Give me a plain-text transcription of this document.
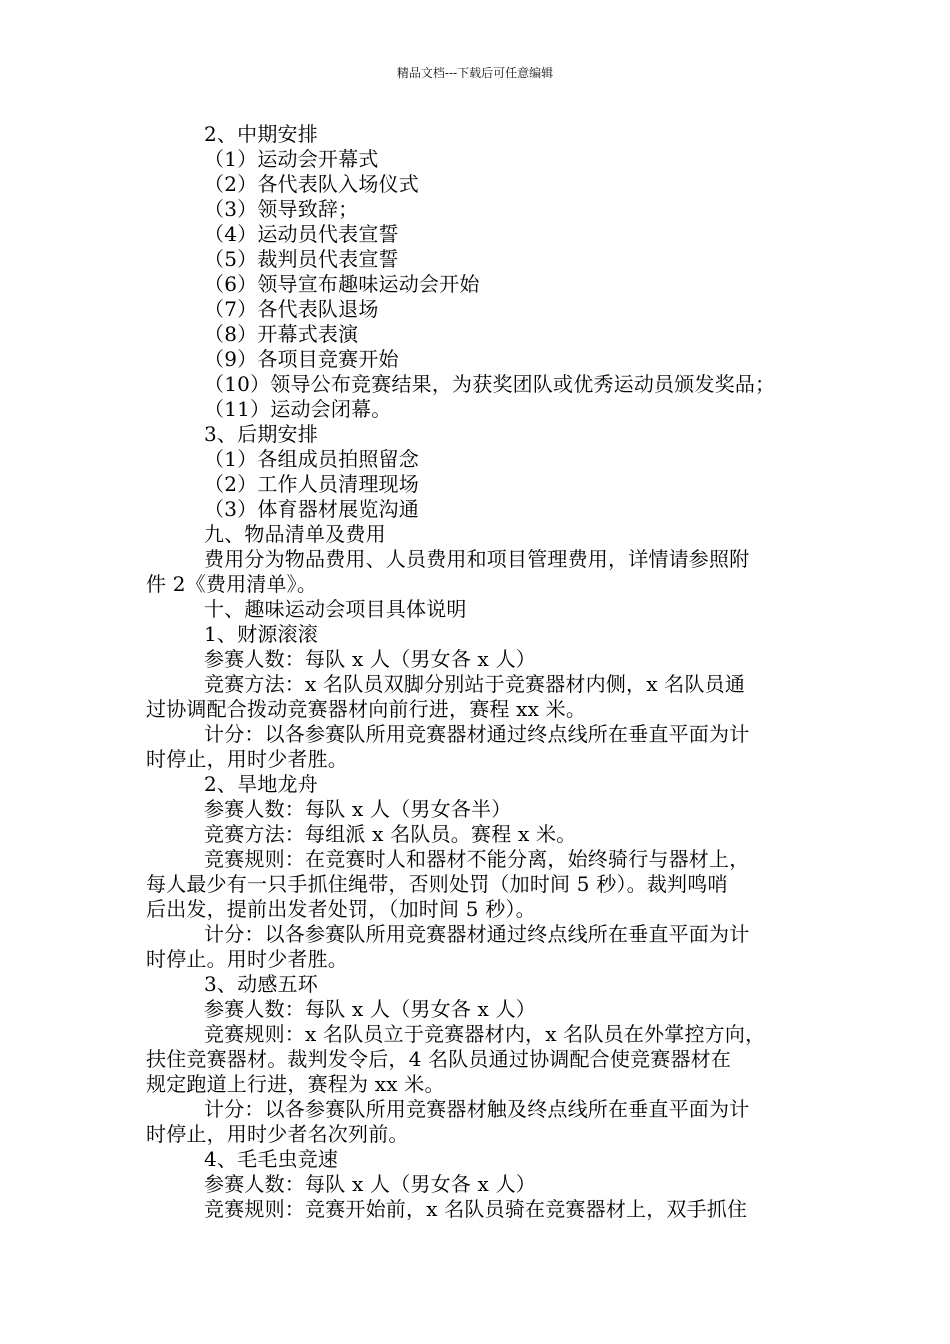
精品文档---下载后可任意编辑
2、中期安排
（1）运动会开幕式
（2）各代表队入场仪式
（3）领导致辞；
（4）运动员代表宣誓
（5）裁判员代表宣誓
（6）领导宣布趣味运动会开始
（7）各代表队退场
（8）开幕式表演
（9）各项目竞赛开始
（10）领导公布竞赛结果，为获奖团队或优秀运动员颁发奖品；
（11）运动会闭幕。
3、后期安排
（1）各组成员拍照留念
（2）工作人员清理现场
（3）体育器材展览沟通
九、物品清单及费用
费用分为物品费用、人员费用和项目管理费用，详情请参照附
件 2《费用清单》。
十、趣味运动会项目具体说明
1、财源滚滚
参赛人数：每队 x 人（男女各 x 人）
竞赛方法：x 名队员双脚分别站于竞赛器材内侧，x 名队员通
过协调配合拨动竞赛器材向前行进，赛程 xx 米。
计分：以各参赛队所用竞赛器材通过终点线所在垂直平面为计
时停止，用时少者胜。
2、旱地龙舟
参赛人数：每队 x 人（男女各半）
竞赛方法：每组派 x 名队员。赛程 x 米。
竞赛规则：在竞赛时人和器材不能分离，始终骑行与器材上，
每人最少有一只手抓住绳带，否则处罚（加时间 5 秒）。裁判鸣哨
后出发，提前出发者处罚，（加时间 5 秒）。
计分：以各参赛队所用竞赛器材通过终点线所在垂直平面为计
时停止。用时少者胜。
3、动感五环
参赛人数：每队 x 人（男女各 x 人）
竞赛规则：x 名队员立于竞赛器材内，x 名队员在外掌控方向，
扶住竞赛器材。裁判发令后，4 名队员通过协调配合使竞赛器材在
规定跑道上行进，赛程为 xx 米。
计分：以各参赛队所用竞赛器材触及终点线所在垂直平面为计
时停止，用时少者名次列前。
4、毛毛虫竞速
参赛人数：每队 x 人（男女各 x 人）
竞赛规则：竞赛开始前，x 名队员骑在竞赛器材上，双手抓住
